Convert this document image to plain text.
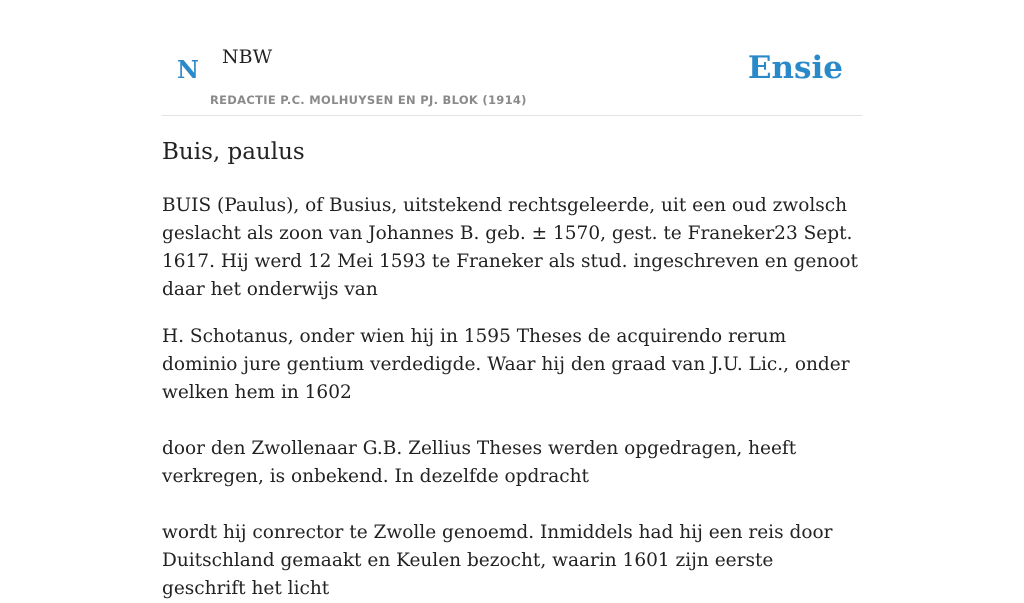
N NBW
REDACTIE P.C. MOLHUYSEN EN PJ. BLOK (1914)
Ensie
Buis, paulus

BUIS (Paulus), of Busius, uitstekend rechtsgeleerde, uit een oud zwolsch geslacht als zoon van Johannes B. geb. ± 1570, gest. te Franeker23 Sept. 1617. Hij werd 12 Mei 1593 te Franeker als stud. ingeschreven en genoot daar het onderwijs van

H. Schotanus, onder wien hij in 1595 Theses de acquirendo rerum dominio jure gentium verdedigde. Waar hij den graad van J.U. Lic., onder welken hem in 1602

door den Zwollenaar G.B. Zellius Theses werden opgedragen, heeft verkregen, is onbekend. In dezelfde opdracht

wordt hij conrector te Zwolle genoemd. Inmiddels had hij een reis door Duitschland gemaakt en Keulen bezocht, waarin 1601 zijn eerste geschrift het licht
